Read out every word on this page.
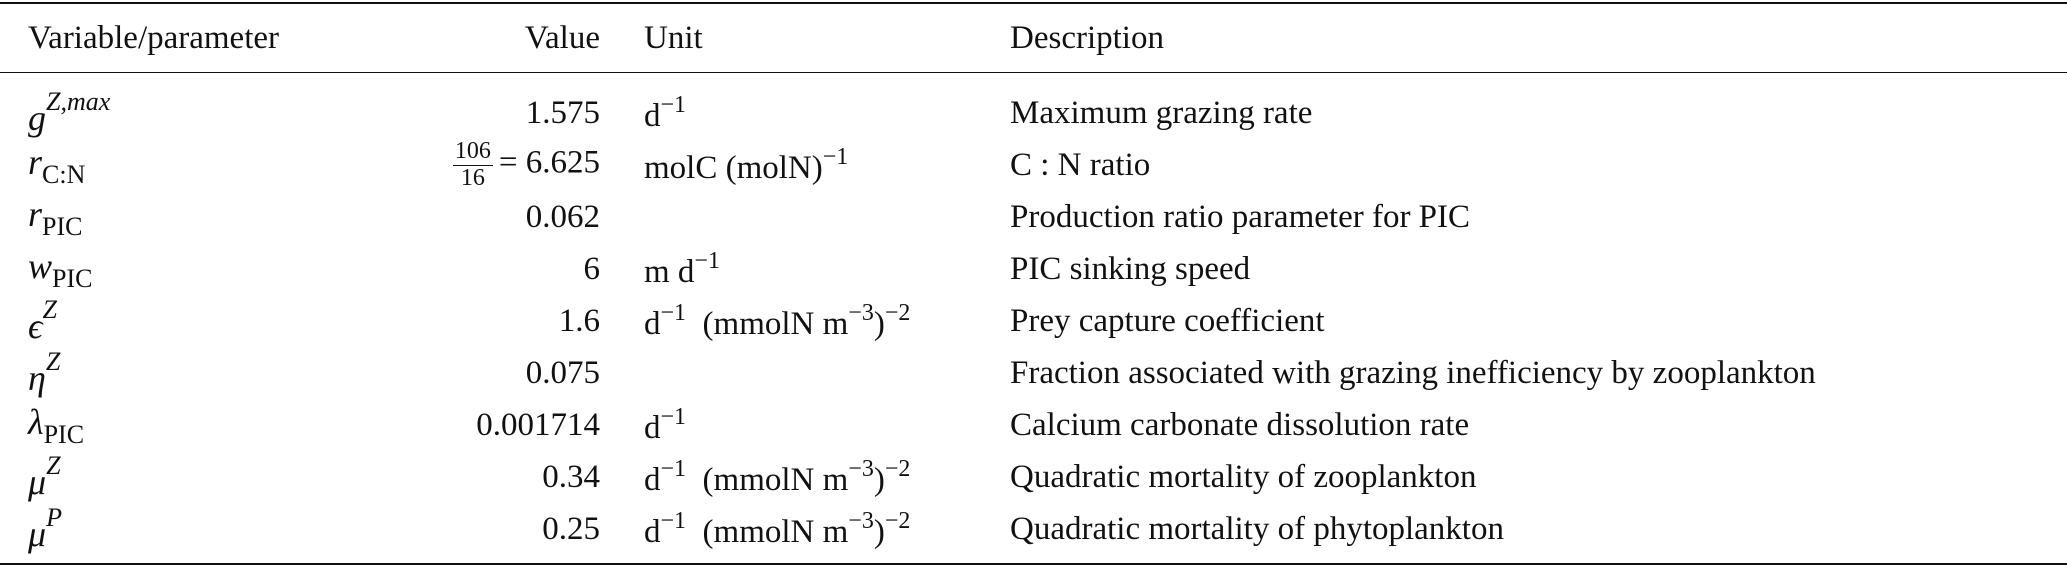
Variable/parameter	Value	Unit	Description
$g^{Z,max}$	1.575	$d^{-1}$	Maximum grazing rate
$r_{C:N}$	$\frac{106}{16} = 6.625$	molC (molN)$^{-1}$	C : N ratio
$r_{PIC}$	0.062		Production ratio parameter for PIC
$w_{PIC}$	6	m $d^{-1}$	PIC sinking speed
$\epsilon^Z$	1.6	$d^{-1}$ (mmolN $m^{-3})^{-2}$	Prey capture coefficient
$\eta^Z$	0.075		Fraction associated with grazing inefficiency by zooplankton
$\lambda_{PIC}$	0.001714	$d^{-1}$	Calcium carbonate dissolution rate
$\mu^Z$	0.34	$d^{-1}$ (mmolN $m^{-3})^{-2}$	Quadratic mortality of zooplankton
$\mu^P$	0.25	$d^{-1}$ (mmolN $m^{-3})^{-2}$	Quadratic mortality of phytoplankton
